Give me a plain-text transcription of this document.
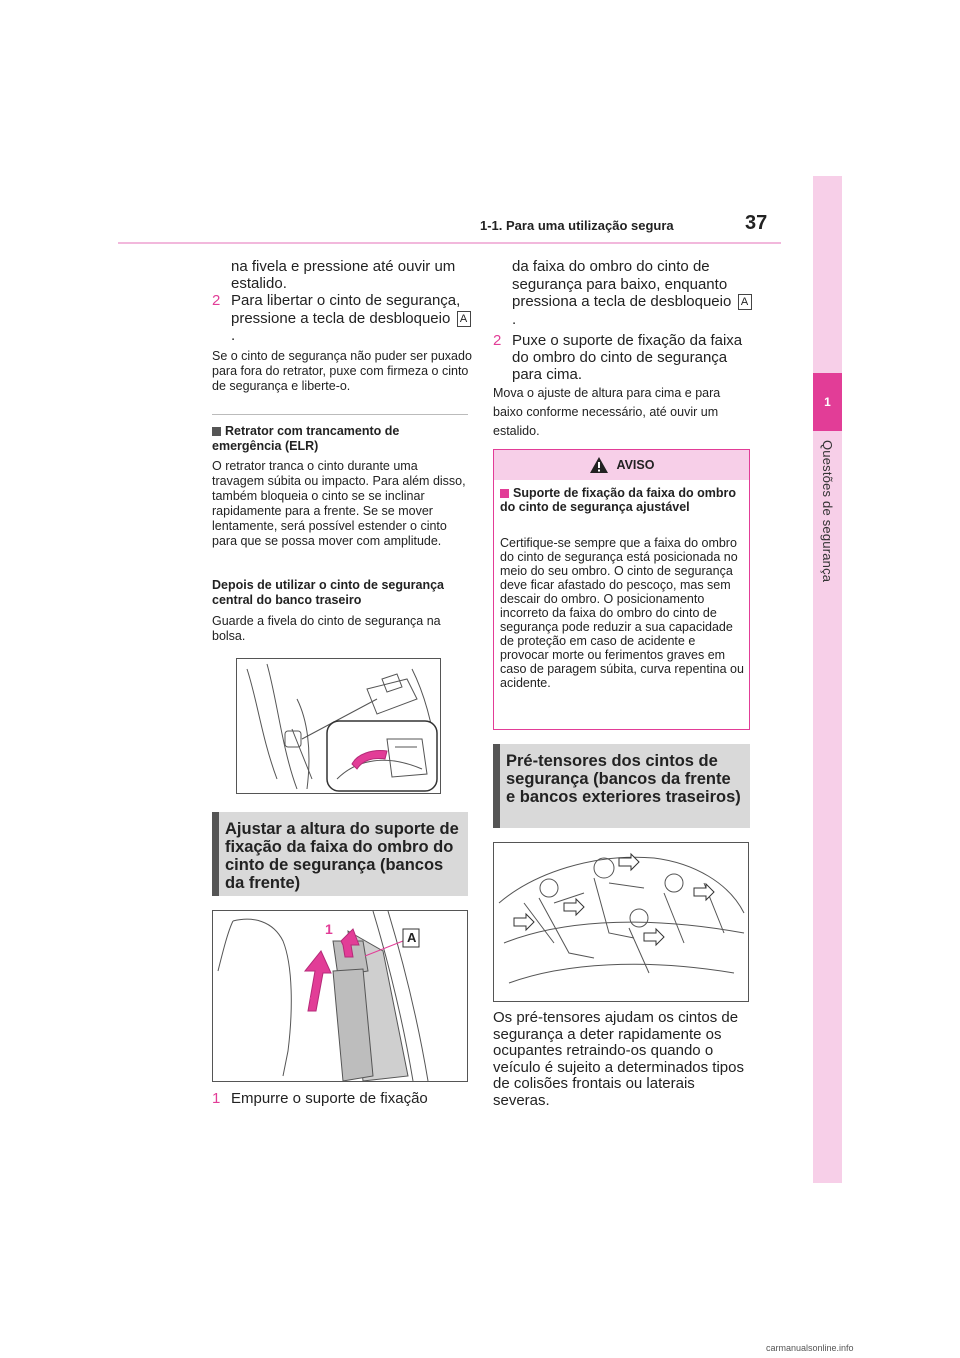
1
Questões de segurança
1-1. Para uma utilização segura	37
na fivela e pressione até ouvir um estalido.
2 Para libertar o cinto de segurança, pressione a tecla de desbloqueio A.
Se o cinto de segurança não puder ser puxado para fora do retrator, puxe com firmeza o cinto de segurança e liberte-o.
Retrator com trancamento de emergência (ELR)
O retrator tranca o cinto durante uma travagem súbita ou impacto. Para além disso, também bloqueia o cinto se se inclinar rapidamente para a frente. Se se mover lentamente, será possível estender o cinto para que se possa mover com amplitude.
Depois de utilizar o cinto de segurança central do banco traseiro
Guarde a fivela do cinto de segurança na bolsa.
Ajustar a altura do suporte de fixação da faixa do ombro do cinto de segurança (bancos da frente)
1
2
A
1 Empurre o suporte de fixação
da faixa do ombro do cinto de segurança para baixo, enquanto pressiona a tecla de desbloqueio A.
2 Puxe o suporte de fixação da faixa do ombro do cinto de segurança para cima.
Mova o ajuste de altura para cima e para baixo conforme necessário, até ouvir um estalido.
AVISO
Suporte de fixação da faixa do ombro do cinto de segurança ajustável
Certifique-se sempre que a faixa do ombro do cinto de segurança está posicionada no meio do seu ombro. O cinto de segurança deve ficar afastado do pescoço, mas sem descair do ombro. O posicionamento incorreto da faixa do ombro do cinto de segurança pode reduzir a sua capacidade de proteção em caso de acidente e provocar morte ou ferimentos graves em caso de paragem súbita, curva repentina ou acidente.
Pré-tensores dos cintos de segurança (bancos da frente e bancos exteriores traseiros)
Os pré-tensores ajudam os cintos de segurança a deter rapidamente os ocupantes retraindo-os quando o veículo é sujeito a determinados tipos de colisões frontais ou laterais severas.
carmanualsonline.info
